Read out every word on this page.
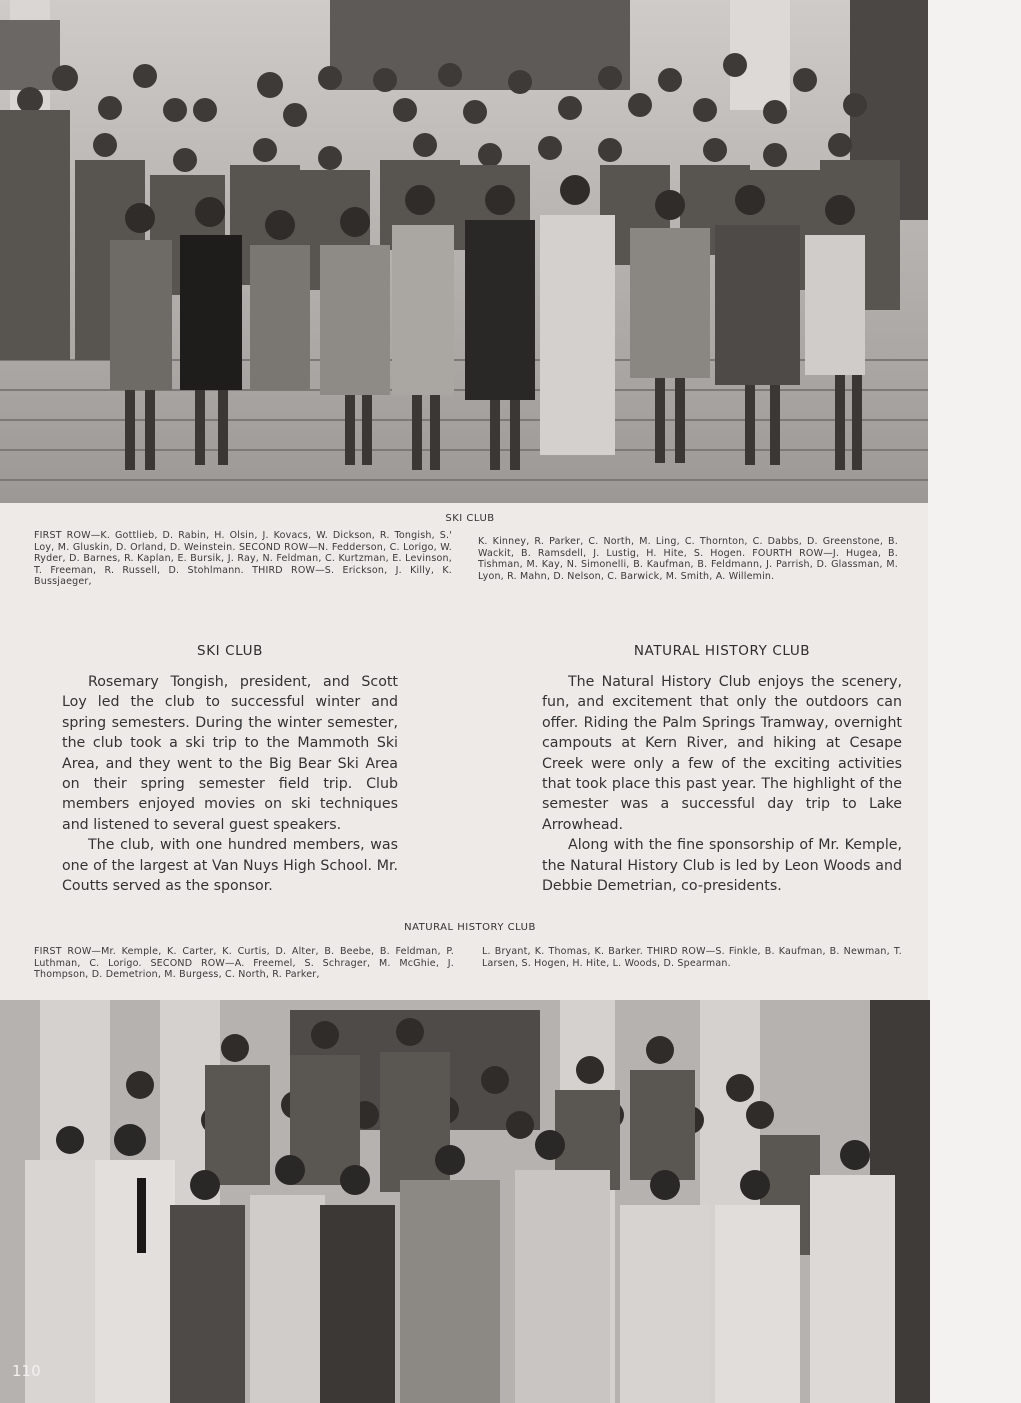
SKI CLUB
FIRST ROW—K. Gottlieb, D. Rabin, H. Olsin, J. Kovacs, W. Dickson, R. Tongish, S.' Loy, M. Gluskin, D. Orland, D. Weinstein. SECOND ROW—N. Fedderson, C. Lorigo, W. Ryder, D. Barnes, R. Kaplan, E. Bursik, J. Ray, N. Feldman, C. Kurtzman, E. Levinson, T. Freeman, R. Russell, D. Stohlmann. THIRD ROW—S. Erickson, J. Killy, K. Bussjaeger,
K. Kinney, R. Parker, C. North, M. Ling, C. Thornton, C. Dabbs, D. Greenstone, B. Wackit, B. Ramsdell, J. Lustig, H. Hite, S. Hogen. FOURTH ROW—J. Hugea, B. Tishman, M. Kay, N. Simonelli, B. Kaufman, B. Feldmann, J. Parrish, D. Glassman, M. Lyon, R. Mahn, D. Nelson, C. Barwick, M. Smith, A. Willemin.
SKI CLUB

Rosemary Tongish, president, and Scott Loy led the club to successful winter and spring semesters. During the winter semester, the club took a ski trip to the Mammoth Ski Area, and they went to the Big Bear Ski Area on their spring semester field trip. Club members enjoyed movies on ski techniques and listened to several guest speakers.

The club, with one hundred members, was one of the largest at Van Nuys High School. Mr. Coutts served as the sponsor.

NATURAL HISTORY CLUB

The Natural History Club enjoys the scenery, fun, and excitement that only the outdoors can offer. Riding the Palm Springs Tramway, overnight campouts at Kern River, and hiking at Cesape Creek were only a few of the exciting activities that took place this past year. The highlight of the semester was a successful day trip to Lake Arrowhead.

Along with the fine sponsorship of Mr. Kemple, the Natural History Club is led by Leon Woods and Debbie Demetrian, co-presidents.

NATURAL HISTORY CLUB
FIRST ROW—Mr. Kemple, K. Carter, K. Curtis, D. Alter, B. Beebe, B. Feldman, P. Luthman, C. Lorigo. SECOND ROW—A. Freemel, S. Schrager, M. McGhie, J. Thompson, D. Demetrion, M. Burgess, C. North, R. Parker,
L. Bryant, K. Thomas, K. Barker. THIRD ROW—S. Finkle, B. Kaufman, B. Newman, T. Larsen, S. Hogen, H. Hite, L. Woods, D. Spearman.
110
